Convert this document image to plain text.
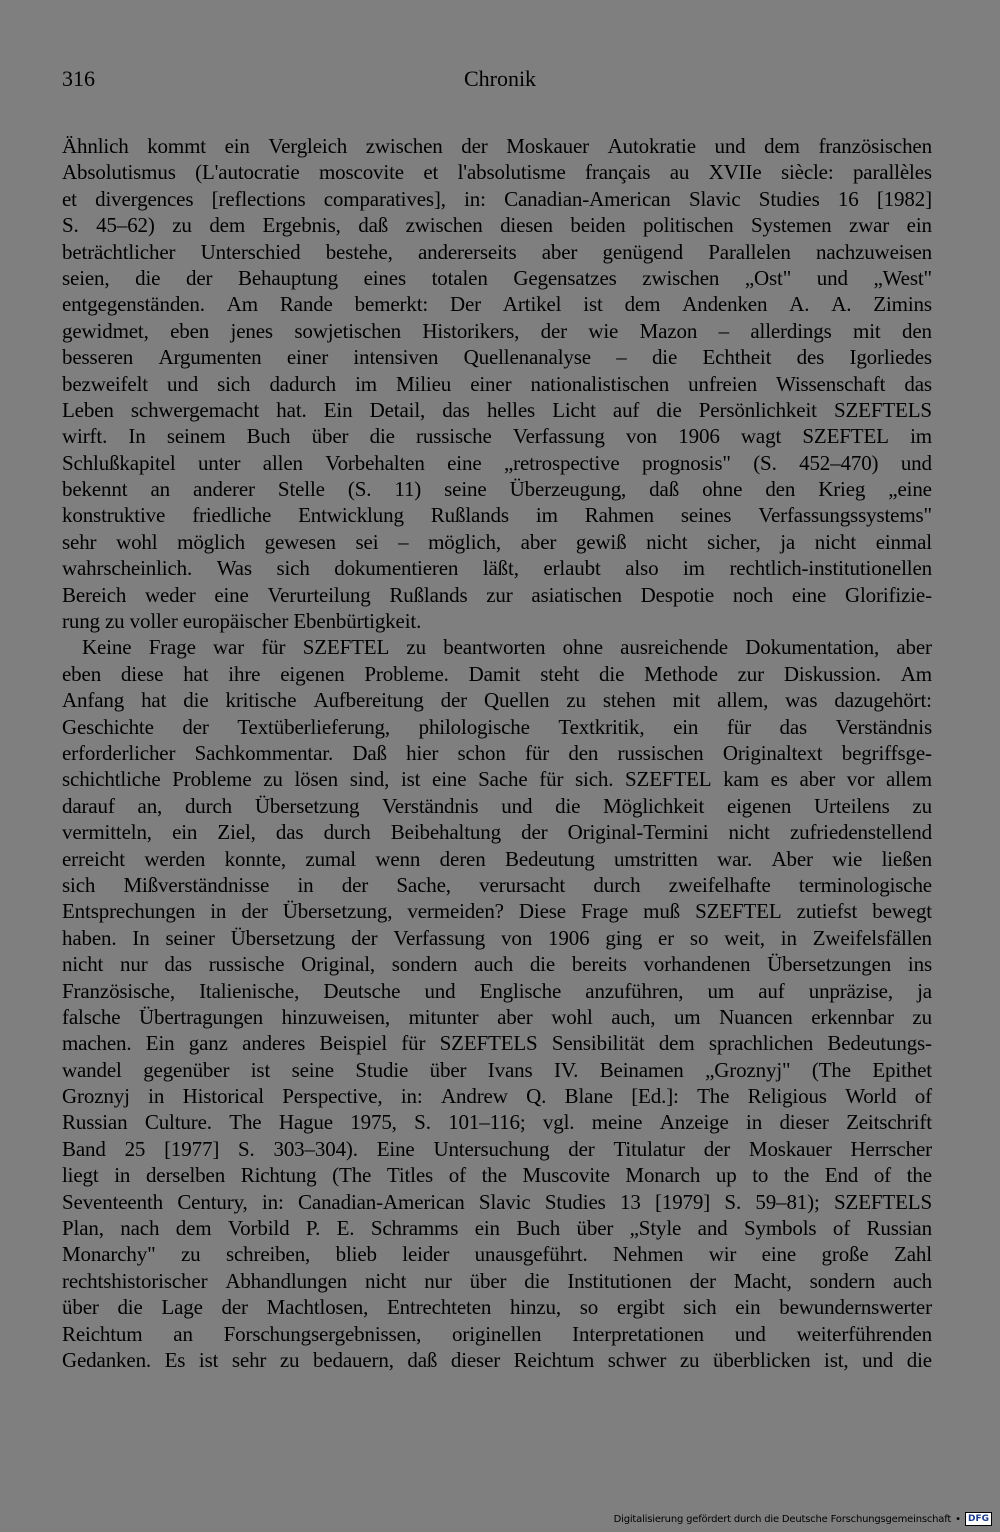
316	Chronik
Ähnlich kommt ein Vergleich zwischen der Moskauer Autokratie und dem französischen
Absolutismus (L'autocratie moscovite et l'absolutisme français au XVIIe siècle: parallèles
et divergences [reflections comparatives], in: Canadian-American Slavic Studies 16 [1982]
S. 45–62) zu dem Ergebnis, daß zwischen diesen beiden politischen Systemen zwar ein
beträchtlicher Unterschied bestehe, andererseits aber genügend Parallelen nachzuweisen
seien, die der Behauptung eines totalen Gegensatzes zwischen „Ost" und „West"
entgegenständen. Am Rande bemerkt: Der Artikel ist dem Andenken A. A. Zimins
gewidmet, eben jenes sowjetischen Historikers, der wie Mazon – allerdings mit den
besseren Argumenten einer intensiven Quellenanalyse – die Echtheit des Igorliedes
bezweifelt und sich dadurch im Milieu einer nationalistischen unfreien Wissenschaft das
Leben schwergemacht hat. Ein Detail, das helles Licht auf die Persönlichkeit SZEFTELS
wirft. In seinem Buch über die russische Verfassung von 1906 wagt SZEFTEL im
Schlußkapitel unter allen Vorbehalten eine „retrospective prognosis" (S. 452–470) und
bekennt an anderer Stelle (S. 11) seine Überzeugung, daß ohne den Krieg „eine
konstruktive friedliche Entwicklung Rußlands im Rahmen seines Verfassungssystems"
sehr wohl möglich gewesen sei – möglich, aber gewiß nicht sicher, ja nicht einmal
wahrscheinlich. Was sich dokumentieren läßt, erlaubt also im rechtlich-institutionellen
Bereich weder eine Verurteilung Rußlands zur asiatischen Despotie noch eine Glorifizie-
rung zu voller europäischer Ebenbürtigkeit.
Keine Frage war für SZEFTEL zu beantworten ohne ausreichende Dokumentation, aber
eben diese hat ihre eigenen Probleme. Damit steht die Methode zur Diskussion. Am
Anfang hat die kritische Aufbereitung der Quellen zu stehen mit allem, was dazugehört:
Geschichte der Textüberlieferung, philologische Textkritik, ein für das Verständnis
erforderlicher Sachkommentar. Daß hier schon für den russischen Originaltext begriffsge-
schichtliche Probleme zu lösen sind, ist eine Sache für sich. SZEFTEL kam es aber vor allem
darauf an, durch Übersetzung Verständnis und die Möglichkeit eigenen Urteilens zu
vermitteln, ein Ziel, das durch Beibehaltung der Original-Termini nicht zufriedenstellend
erreicht werden konnte, zumal wenn deren Bedeutung umstritten war. Aber wie ließen
sich Mißverständnisse in der Sache, verursacht durch zweifelhafte terminologische
Entsprechungen in der Übersetzung, vermeiden? Diese Frage muß SZEFTEL zutiefst bewegt
haben. In seiner Übersetzung der Verfassung von 1906 ging er so weit, in Zweifelsfällen
nicht nur das russische Original, sondern auch die bereits vorhandenen Übersetzungen ins
Französische, Italienische, Deutsche und Englische anzuführen, um auf unpräzise, ja
falsche Übertragungen hinzuweisen, mitunter aber wohl auch, um Nuancen erkennbar zu
machen. Ein ganz anderes Beispiel für SZEFTELS Sensibilität dem sprachlichen Bedeutungs-
wandel gegenüber ist seine Studie über Ivans IV. Beinamen „Groznyj" (The Epithet
Groznyj in Historical Perspective, in: Andrew Q. Blane [Ed.]: The Religious World of
Russian Culture. The Hague 1975, S. 101–116; vgl. meine Anzeige in dieser Zeitschrift
Band 25 [1977] S. 303–304). Eine Untersuchung der Titulatur der Moskauer Herrscher
liegt in derselben Richtung (The Titles of the Muscovite Monarch up to the End of the
Seventeenth Century, in: Canadian-American Slavic Studies 13 [1979] S. 59–81); SZEFTELS
Plan, nach dem Vorbild P. E. Schramms ein Buch über „Style and Symbols of Russian
Monarchy" zu schreiben, blieb leider unausgeführt. Nehmen wir eine große Zahl
rechtshistorischer Abhandlungen nicht nur über die Institutionen der Macht, sondern auch
über die Lage der Machtlosen, Entrechteten hinzu, so ergibt sich ein bewundernswerter
Reichtum an Forschungsergebnissen, originellen Interpretationen und weiterführenden
Gedanken. Es ist sehr zu bedauern, daß dieser Reichtum schwer zu überblicken ist, und die
Digitalisierung gefördert durch die Deutsche Forschungsgemeinschaft • DFG
